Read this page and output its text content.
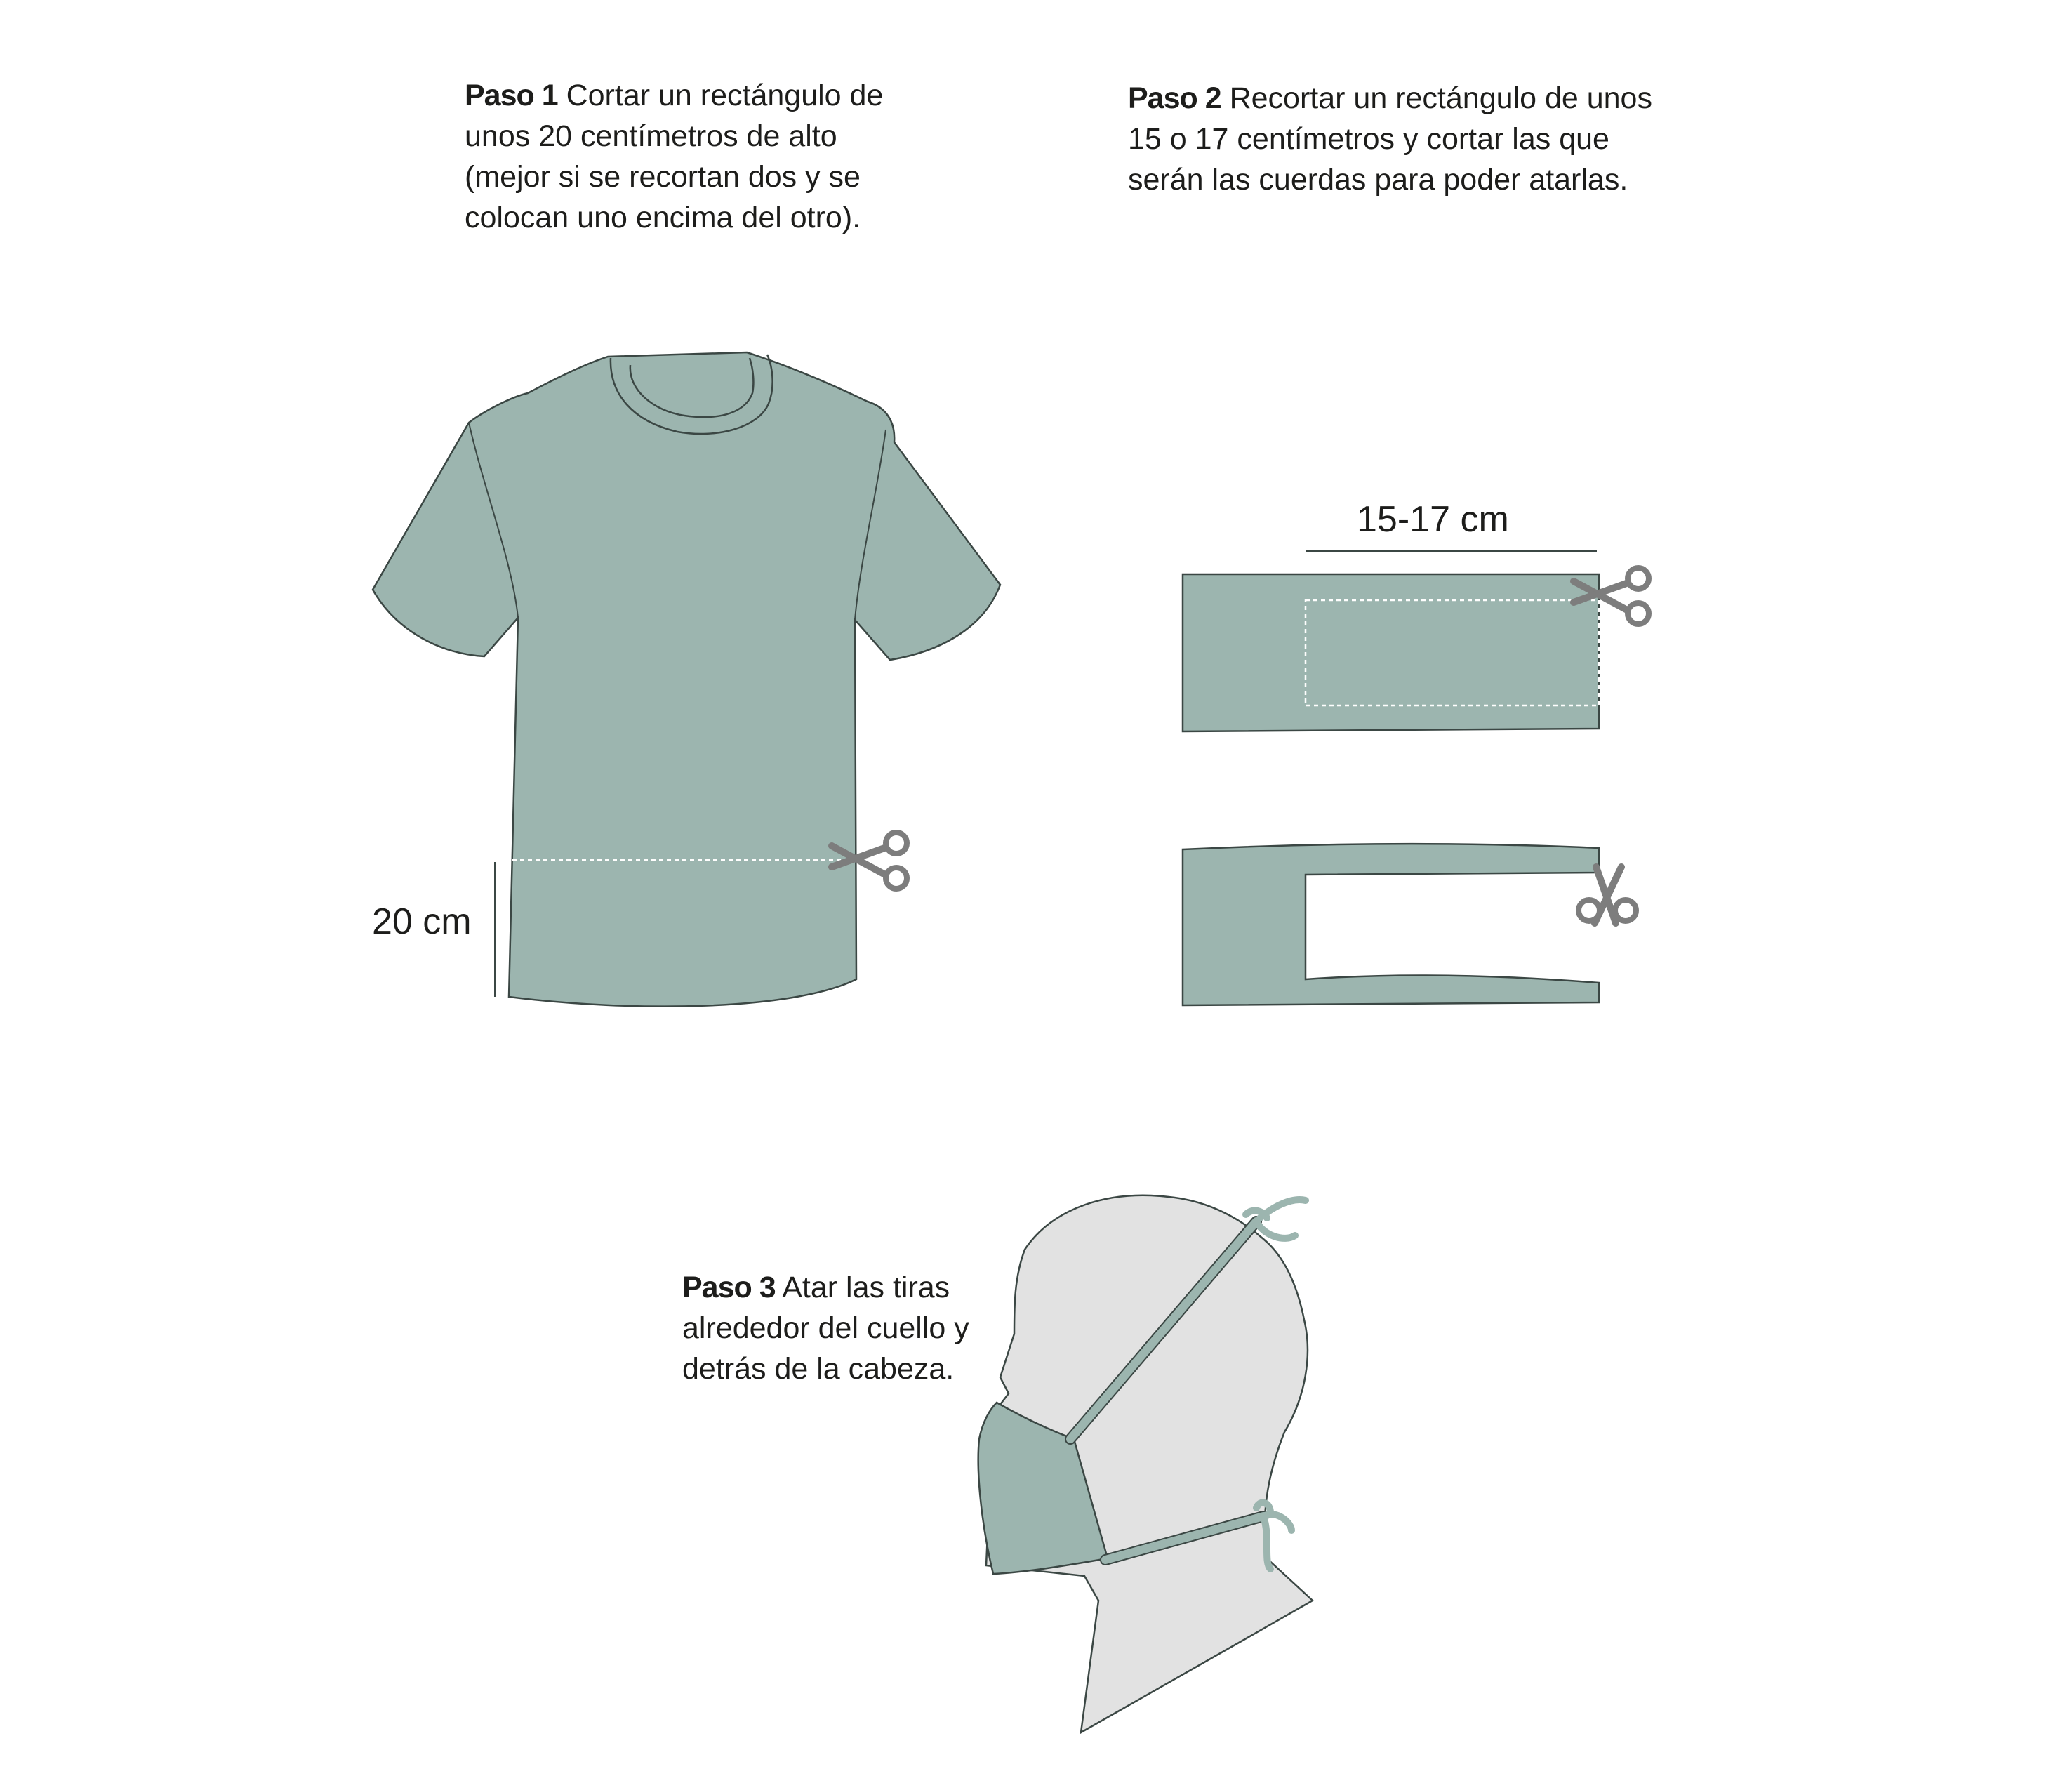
Paso 1 Cortar un rectángulo de unos 20 centímetros de alto (mejor si se recortan dos y se colocan uno encima del otro).

Paso 2 Recortar un rectángulo de unos 15 o 17 centímetros y cortar las que serán las cuerdas para poder atarlas.

Paso 3 Atar las tiras alrededor del cuello y detrás de la cabeza.

20 cm
15-17 cm
